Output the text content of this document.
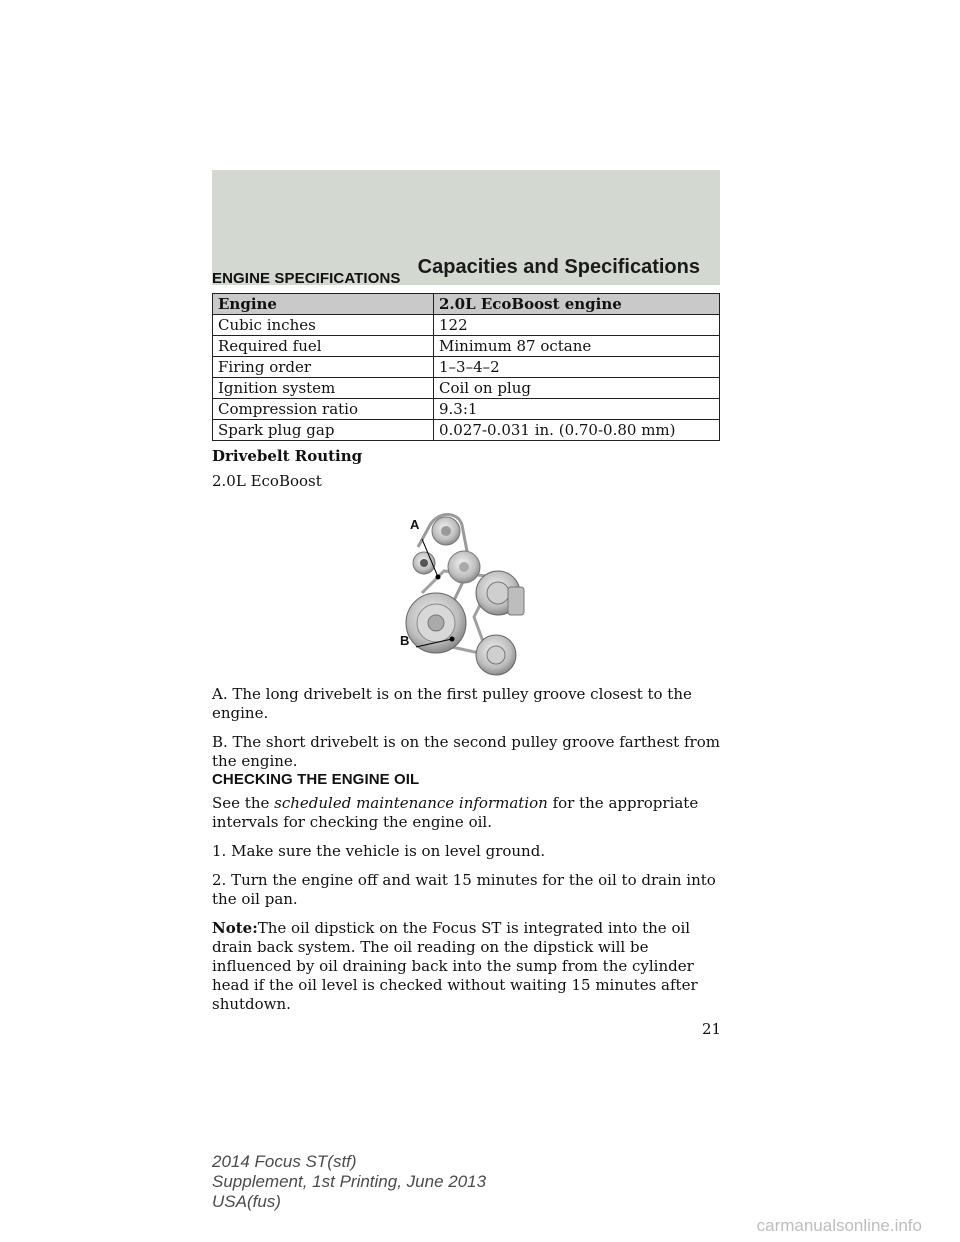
Capacities and Specifications
ENGINE SPECIFICATIONS
Engine	2.0L EcoBoost engine
Cubic inches	122
Required fuel	Minimum 87 octane
Firing order	1–3–4–2
Ignition system	Coil on plug
Compression ratio	9.3:1
Spark plug gap	0.027-0.031 in. (0.70-0.80 mm)

Drivebelt Routing

2.0L EcoBoost

A
B

A. The long drivebelt is on the first pulley groove closest to the engine.

B. The short drivebelt is on the second pulley groove farthest from the engine.

CHECKING THE ENGINE OIL

See the scheduled maintenance information for the appropriate intervals for checking the engine oil.

1. Make sure the vehicle is on level ground.

2. Turn the engine off and wait 15 minutes for the oil to drain into the oil pan.

Note:The oil dipstick on the Focus ST is integrated into the oil drain back system. The oil reading on the dipstick will be influenced by oil draining back into the sump from the cylinder head if the oil level is checked without waiting 15 minutes after shutdown.

21
2014 Focus ST(stf)
Supplement, 1st Printing, June 2013
USA(fus)
carmanualsonline.info
